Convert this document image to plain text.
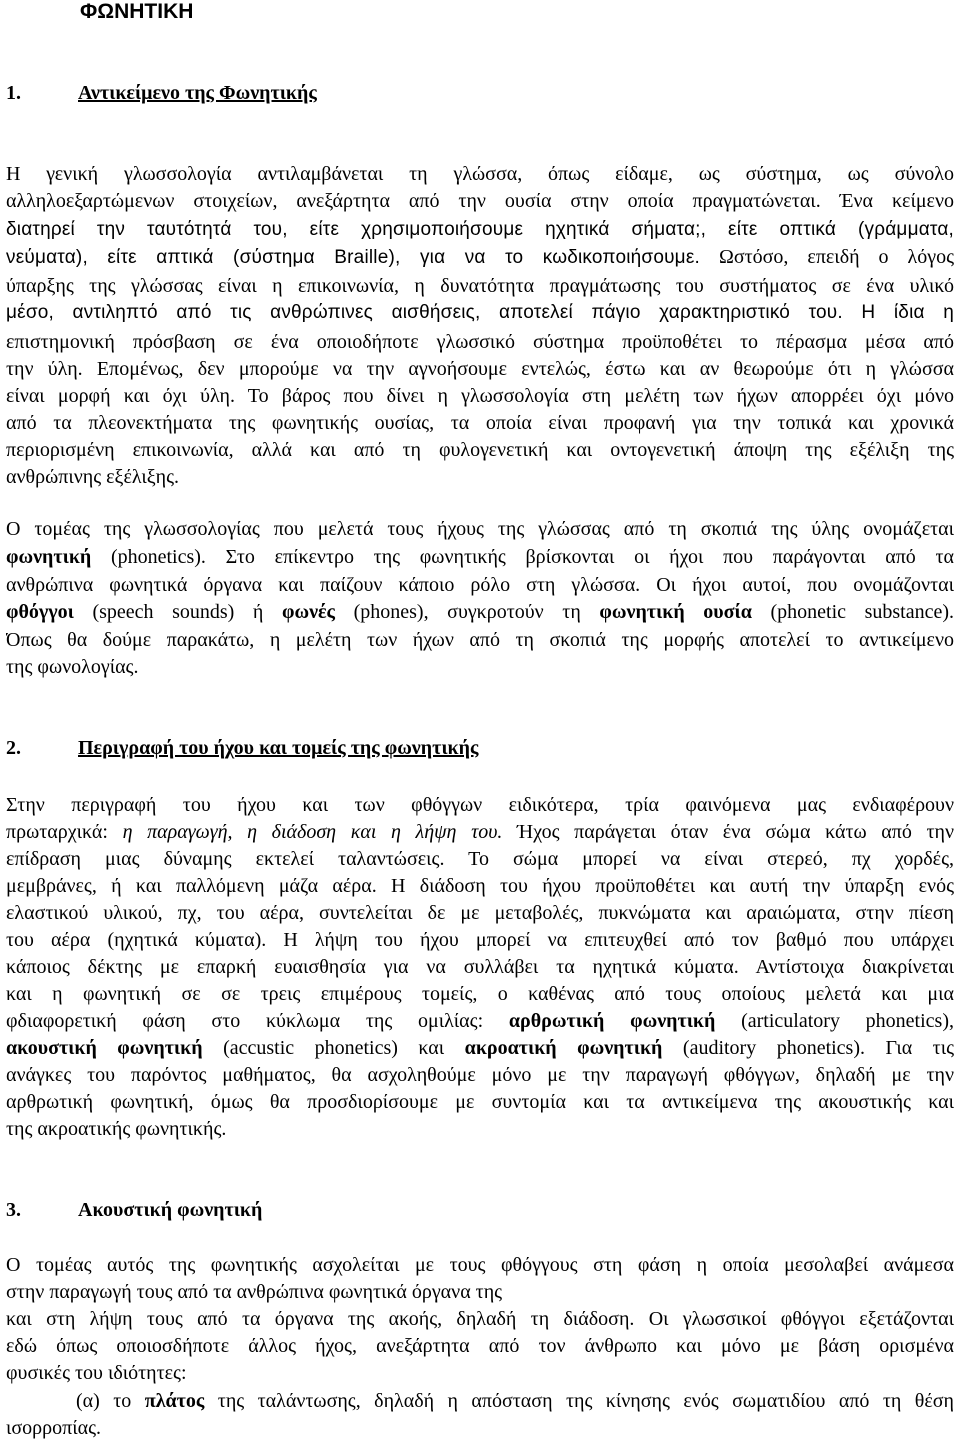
ΦΩΝΗΤΙΚΗ
1.	Αντικείμενο της Φωνητικής
Η γενική γλωσσολογία αντιλαμβάνεται τη γλώσσα, όπως είδαμε, ως σύστημα, ως σύνολο
αλληλοεξαρτώμενων στοιχείων, ανεξάρτητα από την ουσία στην οποία πραγματώνεται. Ένα κείμενο
διατηρεί την ταυτότητά του, είτε χρησιμοποιήσουμε ηχητικά σήματα;, είτε οπτικά (γράμματα,
νεύματα), είτε απτικά (σύστημα Braille), για να το κωδικοποιήσουμε. Ωστόσο, επειδή ο λόγος
ύπαρξης της γλώσσας είναι η επικοινωνία, η δυνατότητα πραγμάτωσης του συστήματος σε ένα υλικό
μέσο, αντιληπτό από τις ανθρώπινες αισθήσεις, αποτελεί πάγιο χαρακτηριστικό του. Η ίδια η
επιστημονική πρόσβαση σε ένα οποιοδήποτε γλωσσικό σύστημα προϋποθέτει το πέρασμα μέσα από
την ύλη. Επομένως, δεν μπορούμε να την αγνοήσουμε εντελώς, έστω και αν θεωρούμε ότι η γλώσσα
είναι μορφή και όχι ύλη. Το βάρος που δίνει η γλωσσολογία στη μελέτη των ήχων απορρέει όχι μόνο
από τα πλεονεκτήματα της φωνητικής ουσίας, τα οποία είναι προφανή για την τοπικά και χρονικά
περιορισμένη επικοινωνία, αλλά και από τη φυλογενετική και οντογενετική άποψη της εξέλιξη της
ανθρώπινης εξέλιξης.
Ο τομέας της γλωσσολογίας που μελετά τους ήχους της γλώσσας από τη σκοπιά της ύλης ονομάζεται
φωνητική (phonetics). Στο επίκεντρο της φωνητικής βρίσκονται οι ήχοι που παράγονται από τα
ανθρώπινα φωνητικά όργανα και παίζουν κάποιο ρόλο στη γλώσσα. Οι ήχοι αυτοί, που ονομάζονται
φθόγγοι (speech sounds) ή φωνές (phones), συγκροτούν τη φωνητική ουσία (phonetic substance).
Όπως θα δούμε παρακάτω, η μελέτη των ήχων από τη σκοπιά της μορφής αποτελεί το αντικείμενο
της φωνολογίας.
2.	Περιγραφή του ήχου και τομείς της φωνητικής
Στην περιγραφή του ήχου και των φθόγγων ειδικότερα, τρία φαινόμενα μας ενδιαφέρουν
πρωταρχικά: η παραγωγή, η διάδοση και η λήψη του. Ήχος παράγεται όταν ένα σώμα κάτω από την
επίδραση μιας δύναμης εκτελεί ταλαντώσεις. Το σώμα μπορεί να είναι στερεό, πχ χορδές,
μεμβράνες, ή και παλλόμενη μάζα αέρα. Η διάδοση του ήχου προϋποθέτει και αυτή την ύπαρξη ενός
ελαστικού υλικού, πχ, του αέρα, συντελείται δε με μεταβολές, πυκνώματα και αραιώματα, στην πίεση
του αέρα (ηχητικά κύματα). Η λήψη του ήχου μπορεί να επιτευχθεί από τον βαθμό που υπάρχει
κάποιος δέκτης με επαρκή ευαισθησία για να συλλάβει τα ηχητικά κύματα. Αντίστοιχα διακρίνεται
και η φωνητική σε σε τρεις επιμέρους τομείς, ο καθένας από τους οποίους μελετά και μια
φδιαφορετική φάση στο κύκλωμα της ομιλίας: αρθρωτική φωνητική (articulatory phonetics),
ακουστική φωνητική (accustic phonetics) και ακροατική φωνητική (auditory phonetics). Για τις
ανάγκες του παρόντος μαθήματος, θα ασχοληθούμε μόνο με την παραγωγή φθόγγων, δηλαδή με την
αρθρωτική φωνητική, όμως θα προσδιορίσουμε με συντομία και τα αντικείμενα της ακουστικής και
της ακροατικής φωνητικής.
3.	Ακουστική φωνητική
Ο τομέας αυτός της φωνητικής ασχολείται με τους φθόγγους στη φάση η οποία μεσολαβεί ανάμεσα
στην παραγωγή τους από τα ανθρώπινα φωνητικά όργανα της
και στη λήψη τους από τα όργανα της ακοής, δηλαδή τη διάδοση. Οι γλωσσικοί φθόγγοι εξετάζονται
εδώ όπως οποιοσδήποτε άλλος ήχος, ανεξάρτητα από τον άνθρωπο και μόνο με βάση ορισμένα
φυσικές του ιδιότητες:
(α) το πλάτος της ταλάντωσης, δηλαδή η απόσταση της κίνησης ενός σωματιδίου από τη θέση
ισορροπίας.
